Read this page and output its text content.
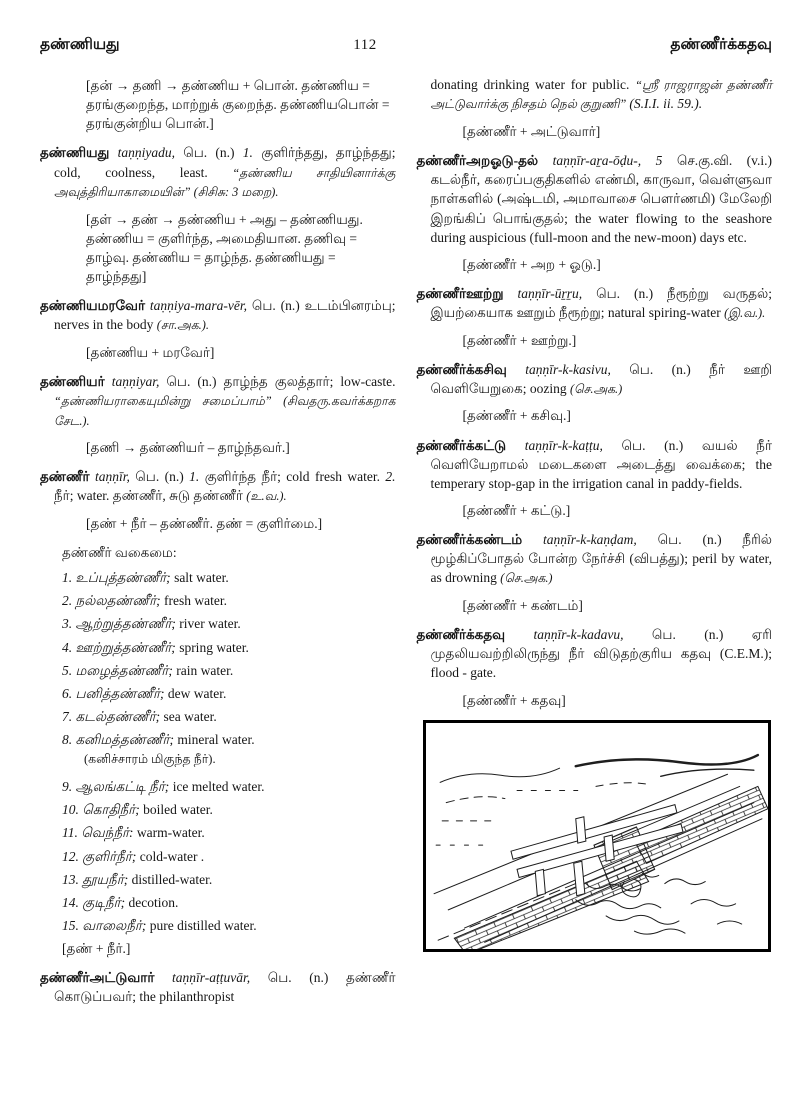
தண்ணியது	112	தண்ணீர்க்கதவு
[தன் → தணி → தண்ணிய + பொன். தண்ணிய = தரங்குறைந்த, மாற்றுக் குறைந்த. தண்ணியபொன் = தரங்குன்றிய பொன்.]
தண்ணியது taṇṇiyadu, பெ. (n.) 1. குளிர்ந்தது, தாழ்ந்தது; cold, coolness, least. “தண்ணிய சாதியினார்க்கு அவுத்திரியாகாமையின்” (சிசிசு: 3 மறை).
[தள் → தண் → தண்ணிய + அது – தண்ணியது. தண்ணிய = குளிர்ந்த, அமைதியான. தணிவு = தாழ்வு. தண்ணிய = தாழ்ந்த. தண்ணியது = தாழ்ந்தது]
தண்ணியமரவேர் taṇṇiya-mara-vēr, பெ. (n.) உடம்பினரம்பு; nerves in the body (சா.அக.).
[தண்ணிய + மரவேர்]
தண்ணியர் taṇṇiyar, பெ. (n.) தாழ்ந்த குலத்தார்; low-caste. “தண்ணியராகையுமின்று சமைப்பாம்” (சிவதரு.கவர்க்கறாக சேட.).
[தணி → தண்ணியர் – தாழ்ந்தவர்.]
தண்ணீர் taṇṇīr, பெ. (n.) 1. குளிர்ந்த நீர்; cold fresh water. 2. நீர்; water. தண்ணீர், சுடு தண்ணீர் (உ.வ.).
[தண் + நீர் – தண்ணீர். தண் = குளிர்மை.]
தண்ணீர் வகைமை:
1. உப்புத்தண்ணீர்; salt water.
2. நல்லதண்ணீர்; fresh water.
3. ஆற்றுத்தண்ணீர்; river water.
4. ஊற்றுத்தண்ணீர்; spring water.
5. மழைத்தண்ணீர்; rain water.
6. பனித்தண்ணீர்; dew water.
7. கடல்தண்ணீர்; sea water.
8. கனிமத்தண்ணீர்; mineral water.
(கனிச்சாரம் மிகுந்த நீர்).
9. ஆலங்கட்டி நீர்; ice melted water.
10. கொதிநீர்; boiled water.
11. வெந்நீர்: warm-water.
12. குளிர்நீர்; cold-water .
13. தூயநீர்; distilled-water.
14. குடிநீர்; decotion.
15. வாலைநீர்; pure distilled water.
[தண் + நீர்.]
தண்ணீர்அட்டுவார் taṇṇīr-aṭṭuvār, பெ. (n.) தண்ணீர் கொடுப்பவர்; the philanthropist
donating drinking water for public. “ஸ்ரீ ராஜராஜன் தண்ணீர் அட்டுவார்க்கு நிசதம் நெல் குறுணி” (S.I.I. ii. 59.).
[தண்ணீர் + அட்டுவார்]
தண்ணீர்அறஓடு-தல் taṇṇīr-aṟa-ōḍu-, 5 செ.கு.வி. (v.i.) கடல்நீர், கரைப்பகுதிகளில் எண்மி, காருவா, வெள்ளுவா நாள்களில் (அஷ்டமி, அமாவாசை பௌர்ணமி) மேலேறி இறங்கிப் பொங்குதல்; the water flowing to the seashore during auspicious (full-moon and the new-moon) days etc.
[தண்ணீர் + அற + ஓடு.]
தண்ணீர்ஊற்று taṇṇīr-ūṟṟu, பெ. (n.) நீரூற்று வருதல்; இயற்கையாக ஊறும் நீரூற்று; natural spiring-water (இ.வ.).
[தண்ணீர் + ஊற்று.]
தண்ணீர்க்கசிவு taṇṇīr-k-kasivu, பெ. (n.) நீர் ஊறி வெளியேறுகை; oozing (செ.அக.)
[தண்ணீர் + கசிவு.]
தண்ணீர்க்கட்டு taṇṇīr-k-kaṭṭu, பெ. (n.) வயல் நீர் வெளியேறாமல் மடைகளை அடைத்து வைக்கை; the temperary stop-gap in the irrigation canal in paddy-fields.
[தண்ணீர் + கட்டு.]
தண்ணீர்க்கண்டம் taṇṇīr-k-kaṇḍam, பெ. (n.) நீரில் மூழ்கிப்போதல் போன்ற நேர்ச்சி (விபத்து); peril by water, as drowning (செ.அக.)
[தண்ணீர் + கண்டம்]
தண்ணீர்க்கதவு taṇṇīr-k-kadavu, பெ. (n.) ஏரி முதலியவற்றிலிருந்து நீர் விடுதற்குரிய கதவு (C.E.M.); flood - gate.
[தண்ணீர் + கதவு]
